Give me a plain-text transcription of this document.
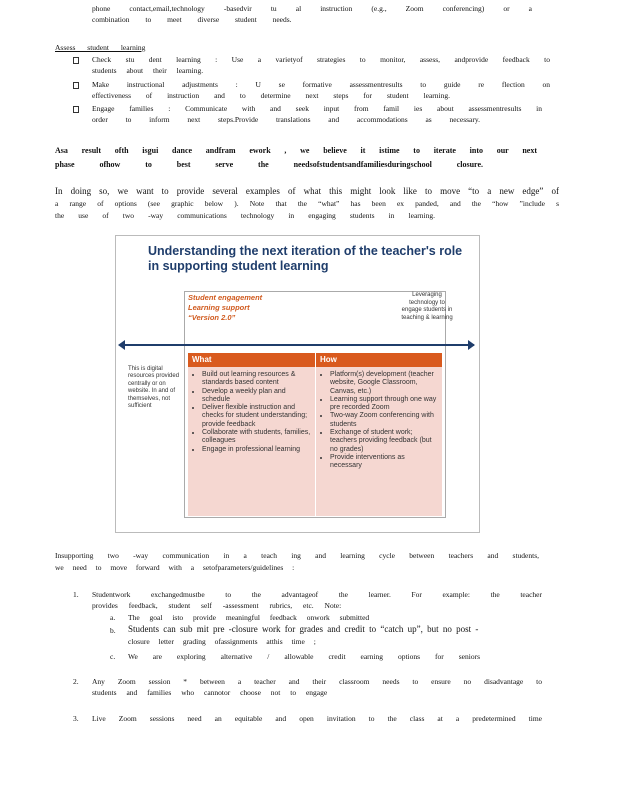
phone contact,email,technology -basedvir tu al instruction (e.g., Zoom conferencing) or a
combination to meet diverse student needs.
Assess student learning
Check stu dent learning : Use a varietyof strategies to monitor, assess, andprovide feedback to
students about their learning.
Make instructional adjustments : U se formative assessmentresults to guide re flection on
effectiveness of instruction and to determine next steps for student learning.
Engage families : Communicate with and seek input from famil ies about assessmentresults in
order to inform next steps.Provide translations and accommodations as necessary.
Asa result ofth isgui dance andfram ework , we believe it istime to iterate into our next
phase ofhow to best serve the needsofstudentsandfamiliesduringschool closure.
In doing so, we want to provide several examples of what this might look like to move “to a new edge” of
a range of options (see graphic below ). Note that the “what” has been ex panded, and the “how ”include s
the use of two -way communications technology in engaging students in learning.
Understanding the next iteration of the teacher's role in supporting student learning
Student engagement
Learning support
“Version 2.0”
Leveraging technology to engage students in teaching & learning
This is digital resources provided centrally or on website. In and of themselves, not sufficient
What	How
• Build out learning resources & standards based content
• Develop a weekly plan and schedule
• Deliver flexible instruction and checks for student understanding; provide feedback
• Collaborate with students, families, colleagues
• Engage in professional learning
• Platform(s) development (teacher website, Google Classroom, Canvas, etc.)
• Learning support through one way pre recorded Zoom
• Two-way Zoom conferencing with students
• Exchange of student work; teachers providing feedback (but no grades)
• Provide interventions as necessary
Insupporting two -way communication in a teach ing and learning cycle between teachers and students,
we need to move forward with a setofparameters/guidelines :
1. Studentwork exchangedmustbe to the advantageof the learner. For example: the teacher
provides feedback, student self -assessment rubrics, etc. Note:
a. The goal isto provide meaningful feedback onwork submitted
b. Students can sub mit pre -closure work for grades and credit to “catch up”, but no post -
closure letter grading ofassignments atthis time ;
c. We are exploring alternative / allowable credit earning options for seniors
2. Any Zoom session * between a teacher and their classroom needs to ensure no disadvantage to
students and families who cannotor choose not to engage
3. Live Zoom sessions need an equitable and open invitation to the class at a predetermined time
